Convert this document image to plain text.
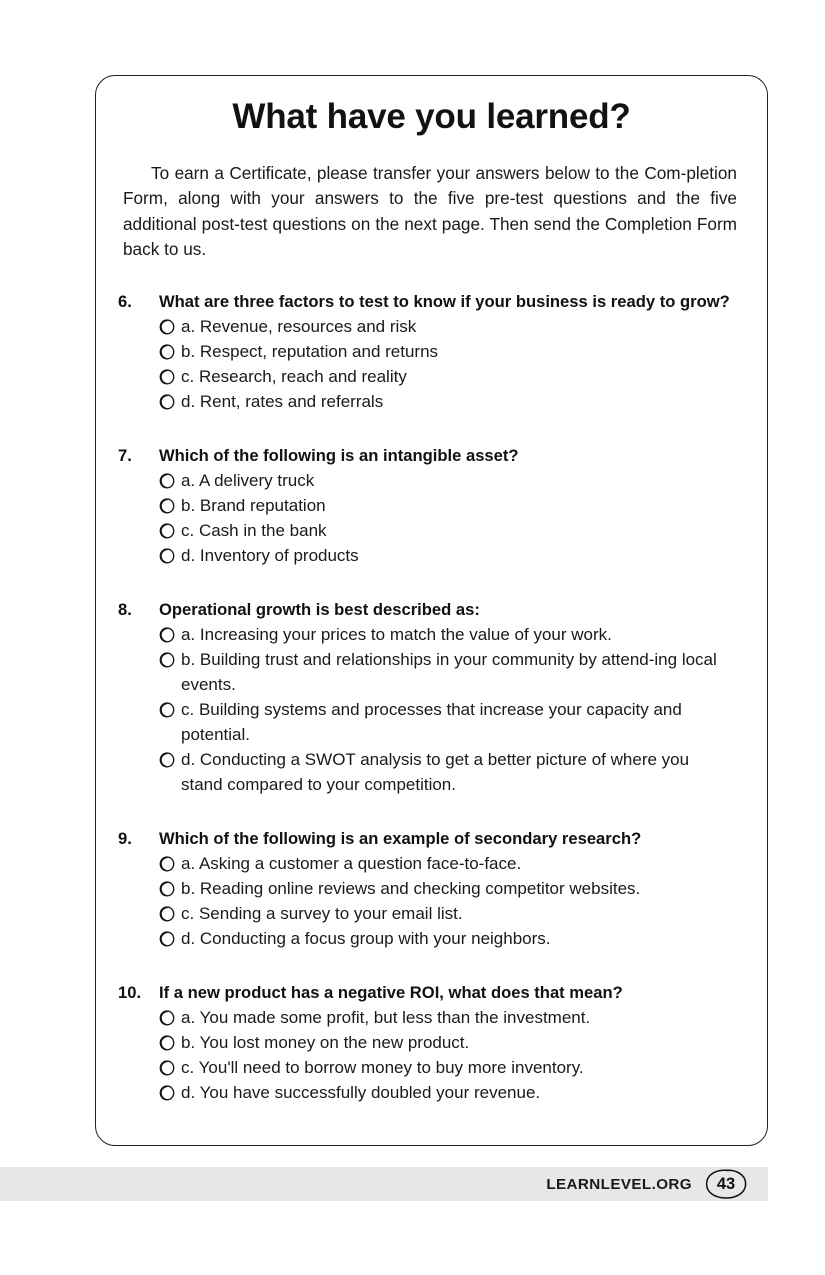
What have you learned?

To earn a Certificate, please transfer your answers below to the Com-pletion Form, along with your answers to the five pre-test questions and the five additional post-test questions on the next page. Then send the Completion Form back to us.

6.	What are three factors to test to know if your business is ready to grow?
a. Revenue, resources and risk
b. Respect, reputation and returns
c. Research, reach and reality
d. Rent, rates and referrals
7.	Which of the following is an intangible asset?
a. A delivery truck
b. Brand reputation
c. Cash in the bank
d. Inventory of products
8.	Operational growth is best described as:
a. Increasing your prices to match the value of your work.
b. Building trust and relationships in your community by attend-ing local events.
c. Building systems and processes that increase your capacity and potential.
d. Conducting a SWOT analysis to get a better picture of where you stand compared to your competition.
9.	Which of the following is an example of secondary research?
a. Asking a customer a question face-to-face.
b. Reading online reviews and checking competitor websites.
c. Sending a survey to your email list.
d. Conducting a focus group with your neighbors.
10.	If a new product has a negative ROI, what does that mean?
a. You made some profit, but less than the investment.
b. You lost money on the new product.
c. You'll need to borrow money to buy more inventory.
d. You have successfully doubled your revenue.
LEARNLEVEL.ORG 43
